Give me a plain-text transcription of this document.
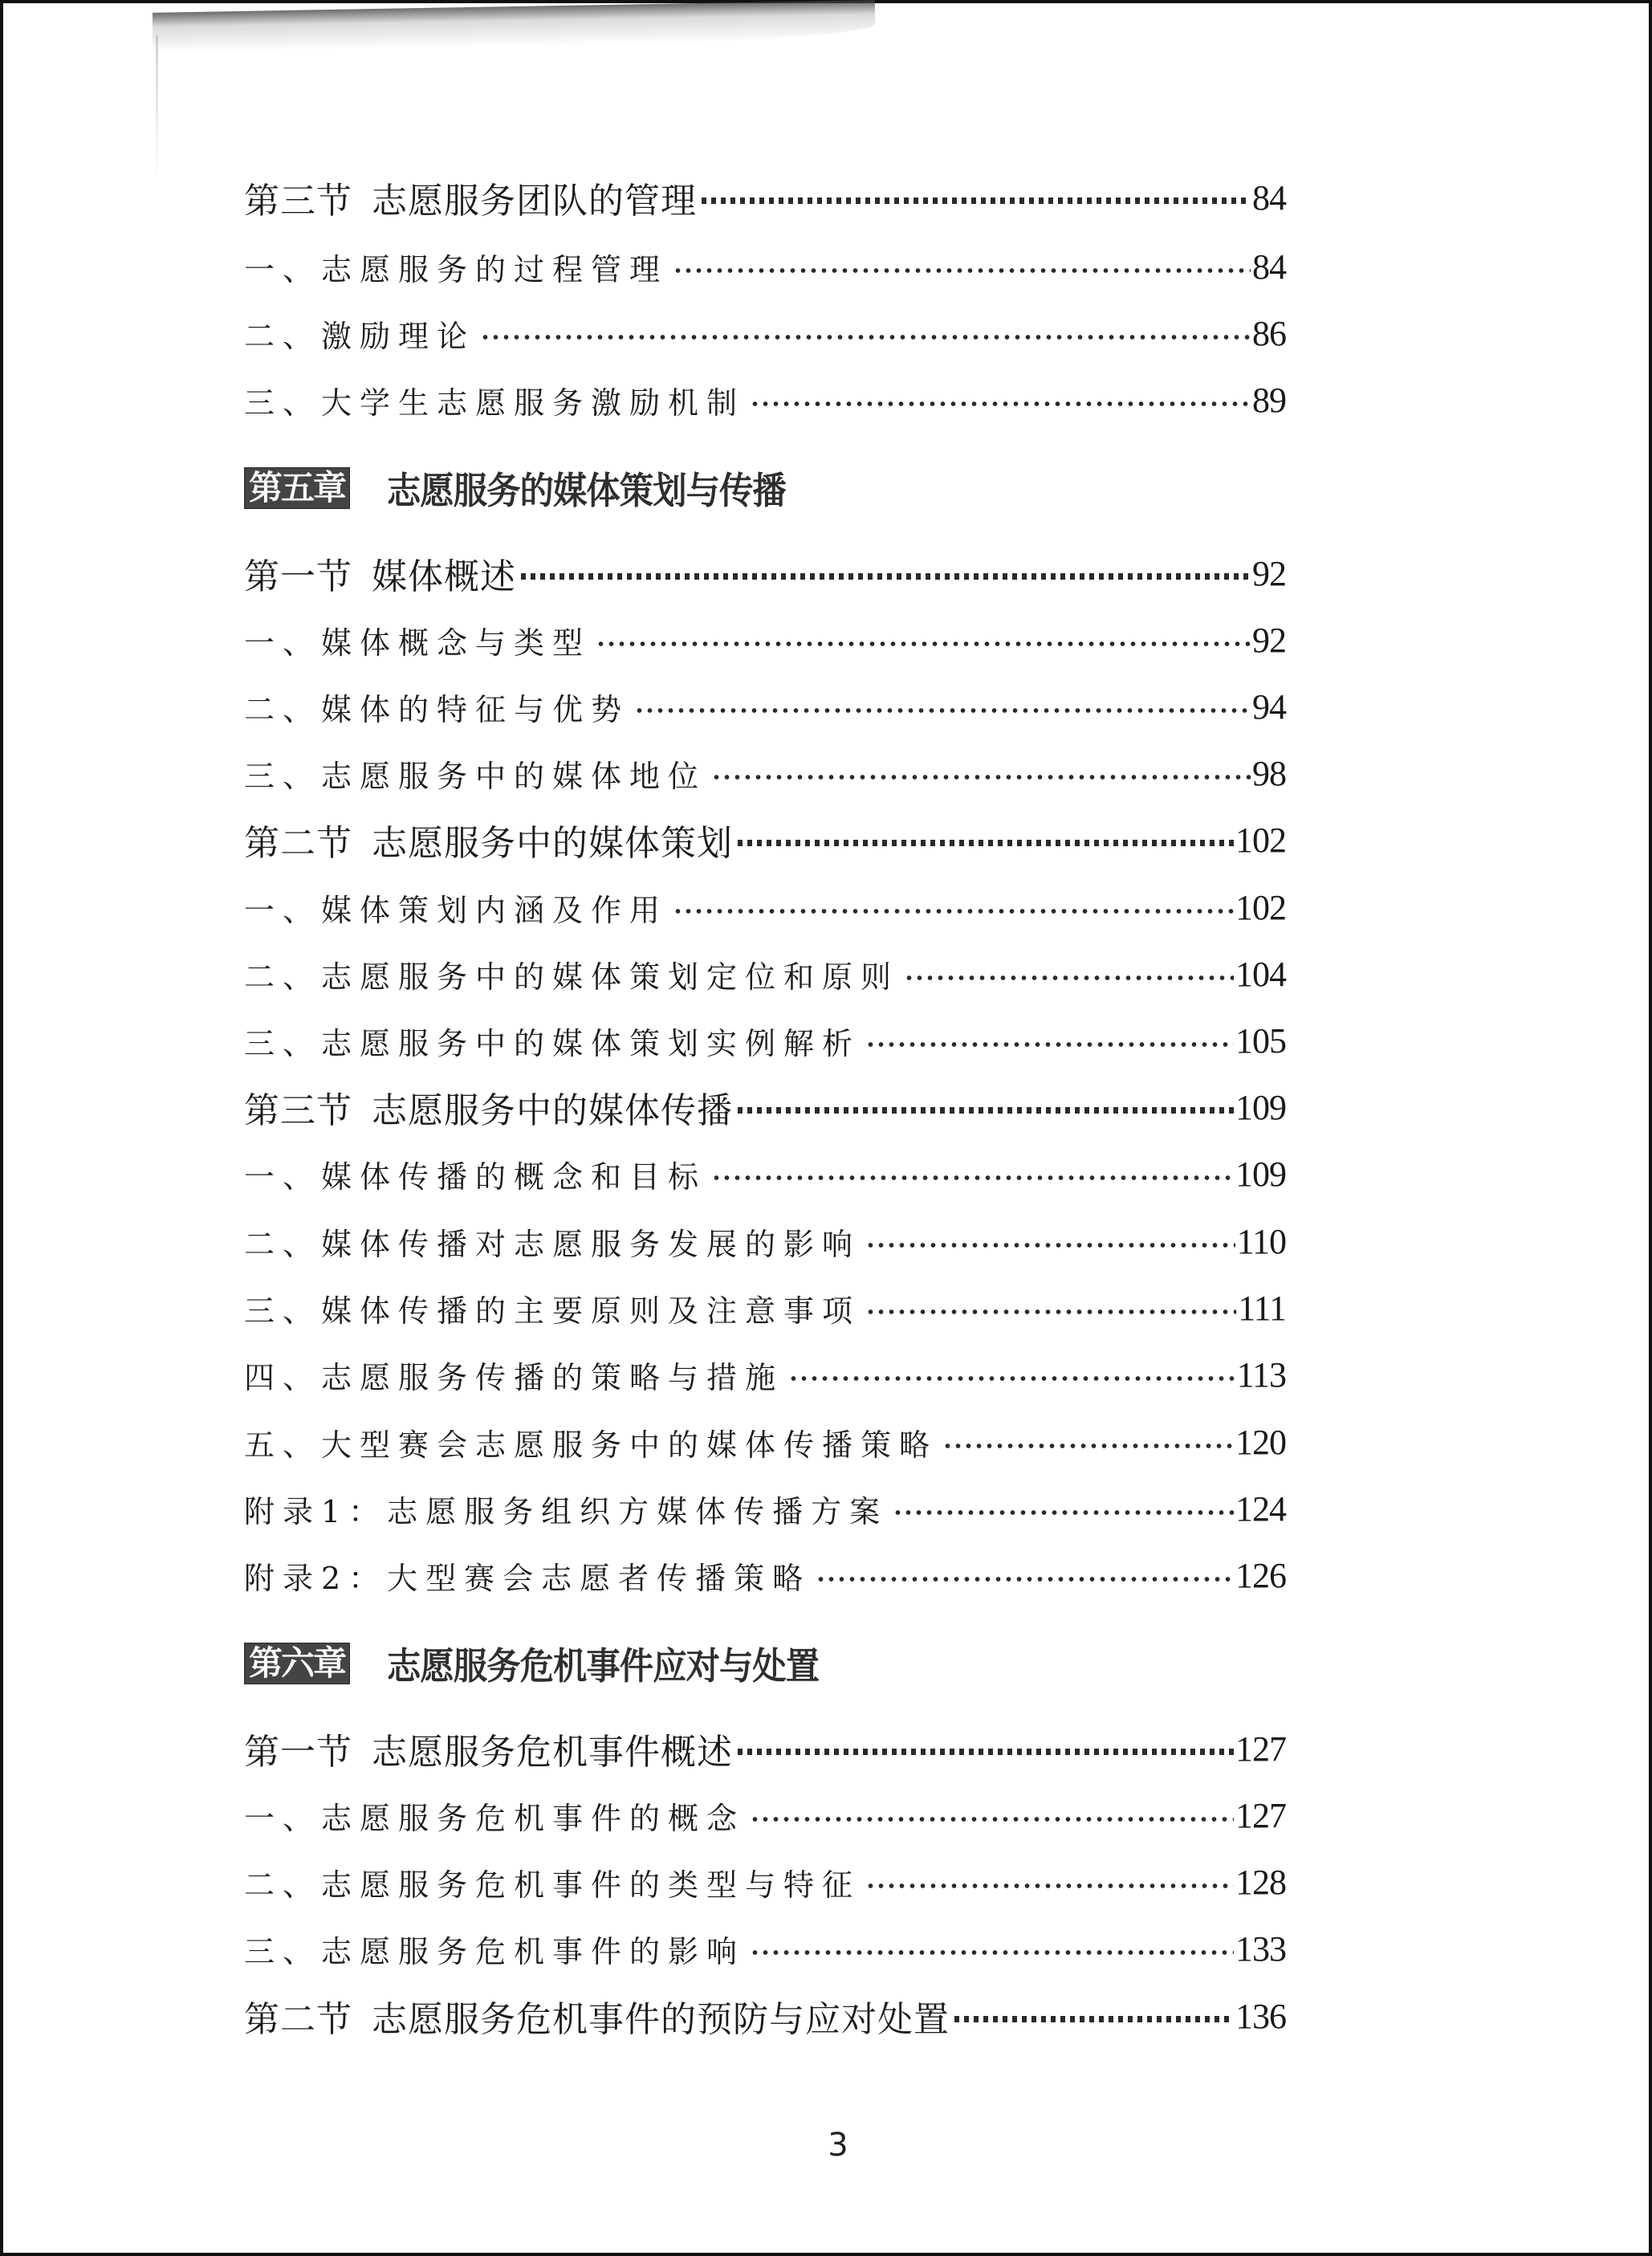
第三节 志愿服务团队的管理	84
一、志愿服务的过程管理	84
二、激励理论	86
三、大学生志愿服务激励机制	89
第五章 志愿服务的媒体策划与传播
第一节 媒体概述	92
一、媒体概念与类型	92
二、媒体的特征与优势	94
三、志愿服务中的媒体地位	98
第二节 志愿服务中的媒体策划	102
一、媒体策划内涵及作用	102
二、志愿服务中的媒体策划定位和原则	104
三、志愿服务中的媒体策划实例解析	105
第三节 志愿服务中的媒体传播	109
一、媒体传播的概念和目标	109
二、媒体传播对志愿服务发展的影响	110
三、媒体传播的主要原则及注意事项	111
四、志愿服务传播的策略与措施	113
五、大型赛会志愿服务中的媒体传播策略	120
附录1：志愿服务组织方媒体传播方案	124
附录2：大型赛会志愿者传播策略	126
第六章 志愿服务危机事件应对与处置
第一节 志愿服务危机事件概述	127
一、志愿服务危机事件的概念	127
二、志愿服务危机事件的类型与特征	128
三、志愿服务危机事件的影响	133
第二节 志愿服务危机事件的预防与应对处置	136
3
